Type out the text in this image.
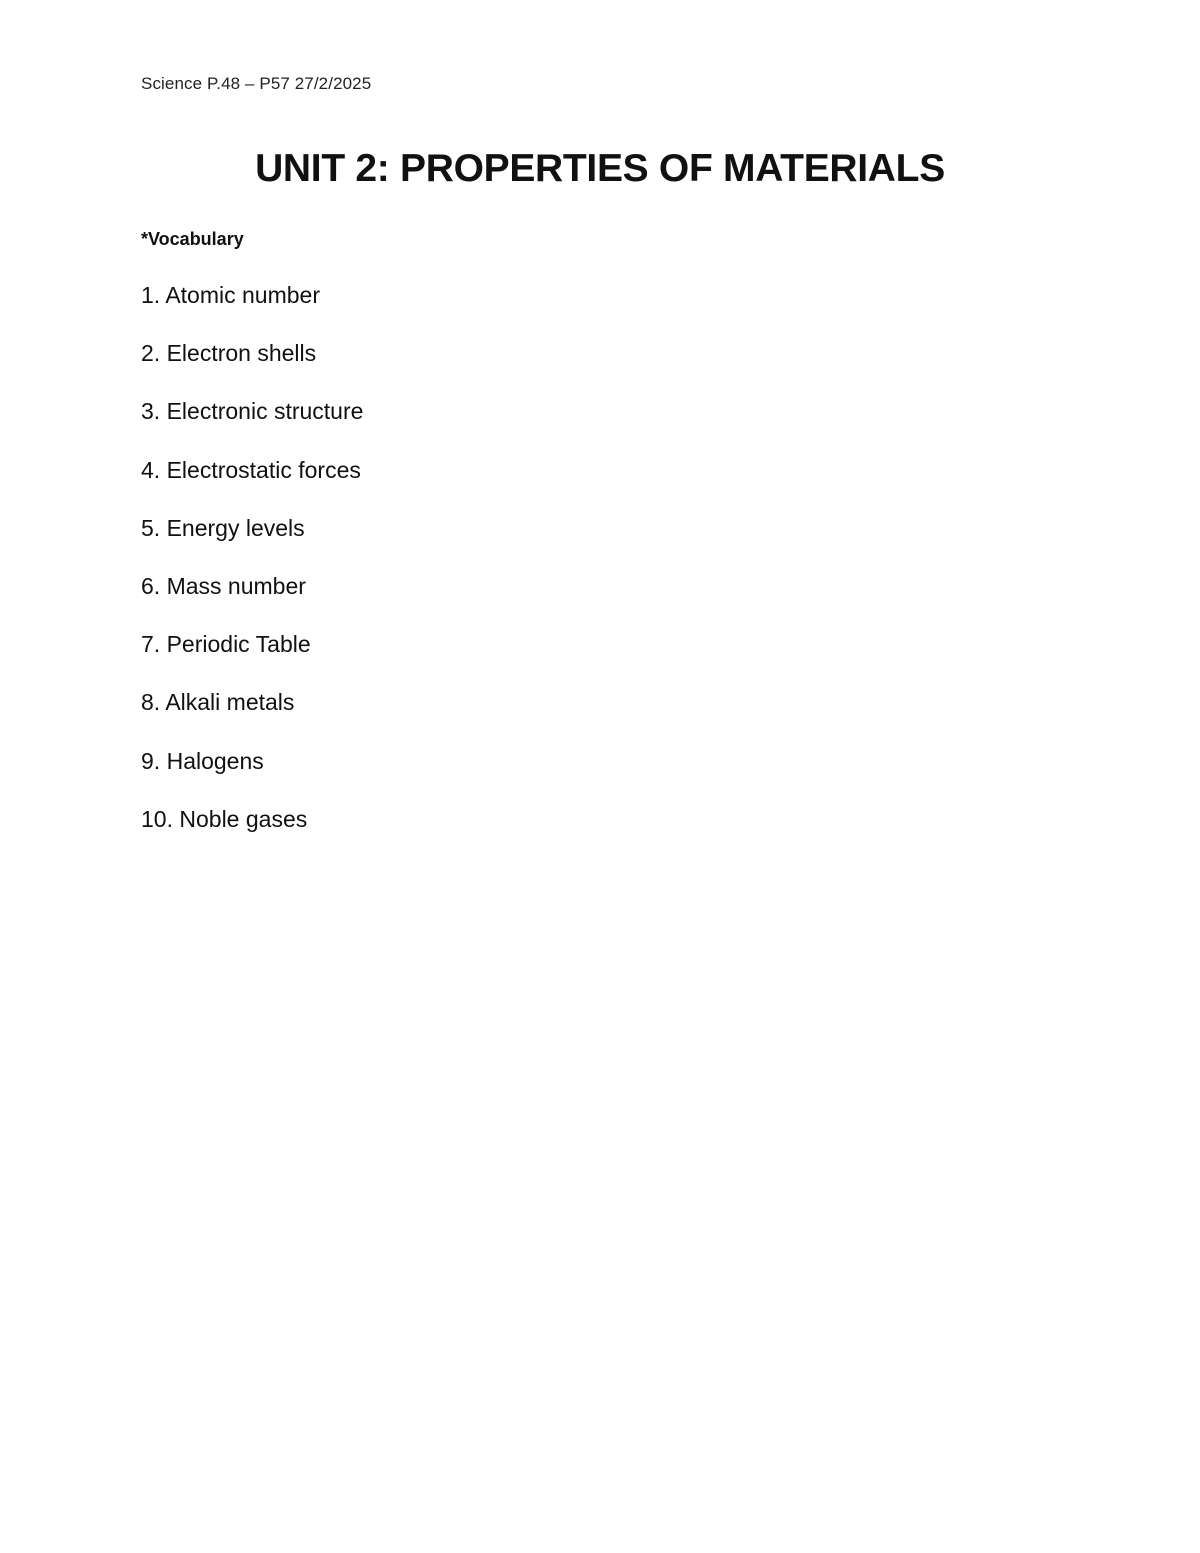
Science P.48 – P57 27/2/2025
UNIT 2: PROPERTIES OF MATERIALS
*Vocabulary
1. Atomic number
2. Electron shells
3. Electronic structure
4. Electrostatic forces
5. Energy levels
6. Mass number
7. Periodic Table
8. Alkali metals
9. Halogens
10. Noble gases
